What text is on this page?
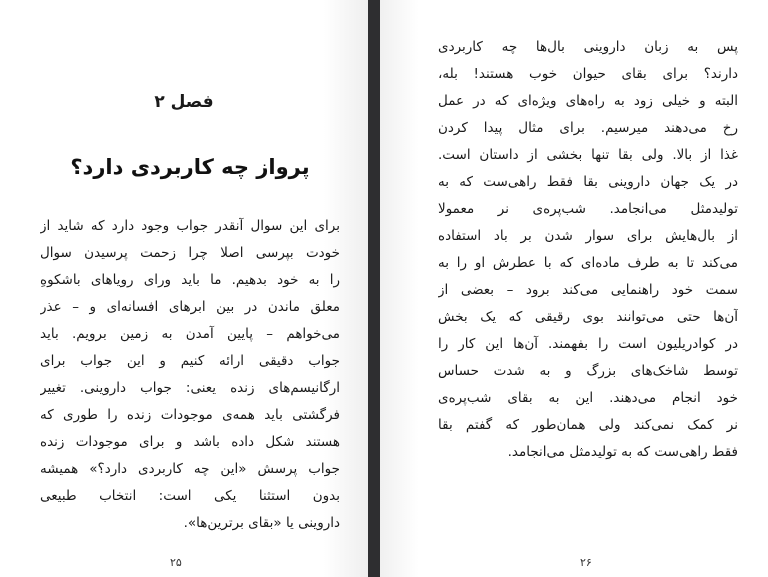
فصل ۲
پرواز چه کاربردی دارد؟
برای این سوال آنقدر جواب وجود دارد که شاید از
خودت بپرسی اصلا چرا زحمت پرسیدن سوال
را به خود بدهیم. ما باید ورای رویاهای باشکوهِ
معلق ماندن در بین ابرهای افسانه‌ای و – عذر
می‌خواهم – پایین آمدن به زمین برویم. باید
جواب دقیقی ارائه کنیم و این جواب برای
ارگانیسم‌های زنده یعنی: جواب داروینی. تغییر
فرگشتی باید همه‌ی موجودات زنده را طوری که
هستند شکل داده باشد و برای موجودات زنده
جواب پرسش «این چه کاربردی دارد؟» همیشه
بدون استثنا یکی است: انتخاب طبیعی
داروینی یا «بقای برترین‌ها».
۲۵
پس به زبان داروینی بال‌ها چه کاربردی
دارند؟ برای بقای حیوان خوب هستند! بله،
البته و خیلی زود به راه‌های ویژه‌ای که در عمل
رخ می‌دهند میرسیم. برای مثال پیدا کردن
غذا از بالا. ولی بقا تنها بخشی از داستان است.
در یک جهان داروینی بقا فقط راهی‌ست که به
تولیدمثل می‌انجامد. شب‌پره‌ی نر معمولا
از بال‌هایش برای سوار شدن بر باد استفاده
می‌کند تا به طرف ماده‌ای که با عطرش او را به
سمت خود راهنمایی می‌کند برود – بعضی از
آن‌ها حتی می‌توانند بوی رقیقی که یک بخش
در کوادریلیون است را بفهمند. آن‌ها این کار را
توسط شاخک‌های بزرگ و به شدت حساس
خود انجام می‌دهند. این به بقای شب‌پره‌ی
نر کمک نمی‌کند ولی همان‌طور که گفتم بقا
فقط راهی‌ست که به تولیدمثل می‌انجامد.
۲۶
